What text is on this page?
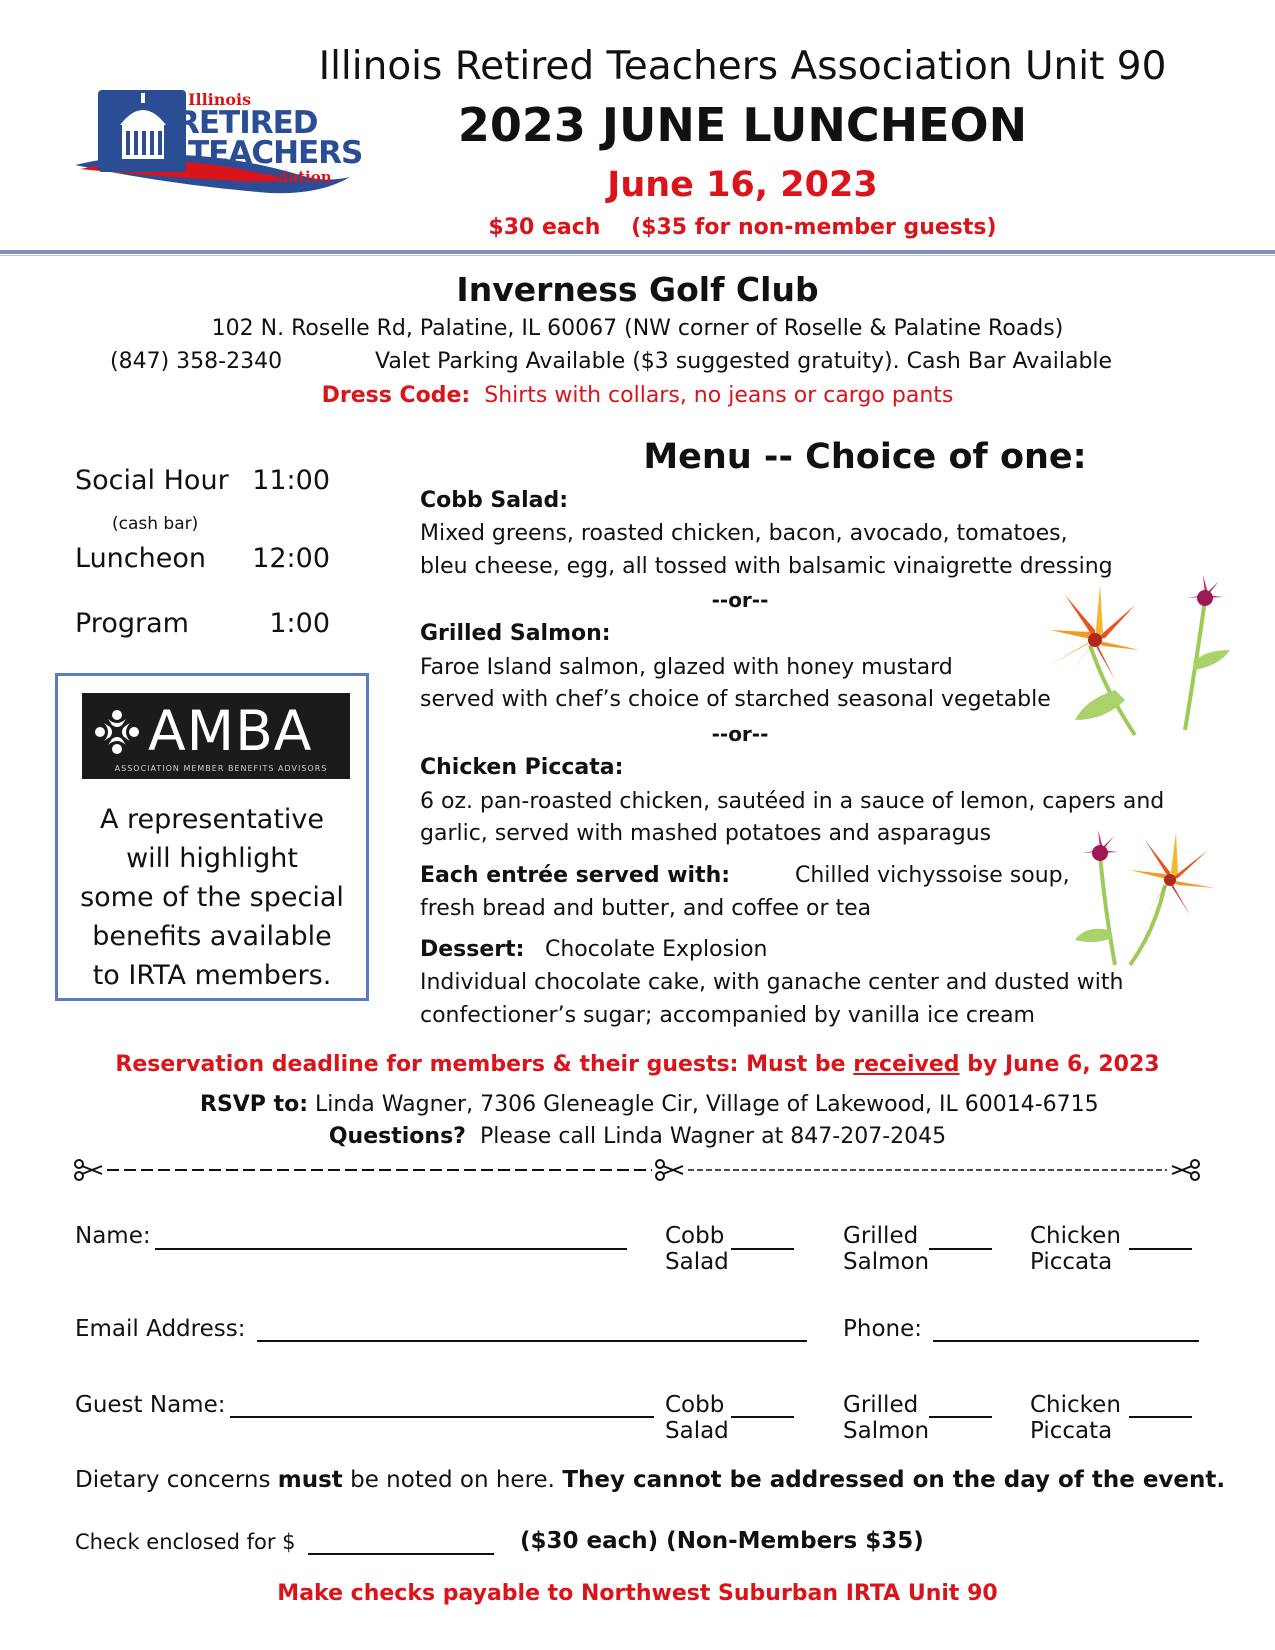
Illinois
RETIRED
TEACHERS
Association
Illinois Retired Teachers Association Unit 90
2023 JUNE LUNCHEON
June 16, 2023
$30 each ($35 for non-member guests)
Inverness Golf Club
102 N. Roselle Rd, Palatine, IL 60067 (NW corner of Roselle & Palatine Roads)
(847) 358-2340	Valet Parking Available ($3 suggested gratuity). Cash Bar Available
Dress Code: Shirts with collars, no jeans or cargo pants
Social Hour 11:00
(cash bar)
Luncheon	12:00
Program	1:00
AMBA
ASSOCIATION MEMBER BENEFITS ADVISORS
A representative
will highlight
some of the special
benefits available
to IRTA members.
Menu -- Choice of one:
Cobb Salad:
Mixed greens, roasted chicken, bacon, avocado, tomatoes,
bleu cheese, egg, all tossed with balsamic vinaigrette dressing
--or--
Grilled Salmon:
Faroe Island salmon, glazed with honey mustard
served with chef’s choice of starched seasonal vegetable
--or--
Chicken Piccata:
6 oz. pan-roasted chicken, sautéed in a sauce of lemon, capers and
garlic, served with mashed potatoes and asparagus
Each entrée served with:	Chilled vichyssoise soup,
fresh bread and butter, and coffee or tea
Dessert: Chocolate Explosion
Individual chocolate cake, with ganache center and dusted with
confectioner’s sugar; accompanied by vanilla ice cream
Reservation deadline for members & their guests: Must be received by June 6, 2023
RSVP to: Linda Wagner, 7306 Gleneagle Cir, Village of Lakewood, IL 60014-6715
Questions? Please call Linda Wagner at 847-207-2045
Name:	Cobb
Salad
Grilled
Salmon
Chicken
Piccata
Email Address:	Phone:
Guest Name:	Cobb
Salad
Grilled
Salmon
Chicken
Piccata
Dietary concerns must be noted on here. They cannot be addressed on the day of the event.
Check enclosed for $	($30 each) (Non-Members $35)
Make checks payable to Northwest Suburban IRTA Unit 90
